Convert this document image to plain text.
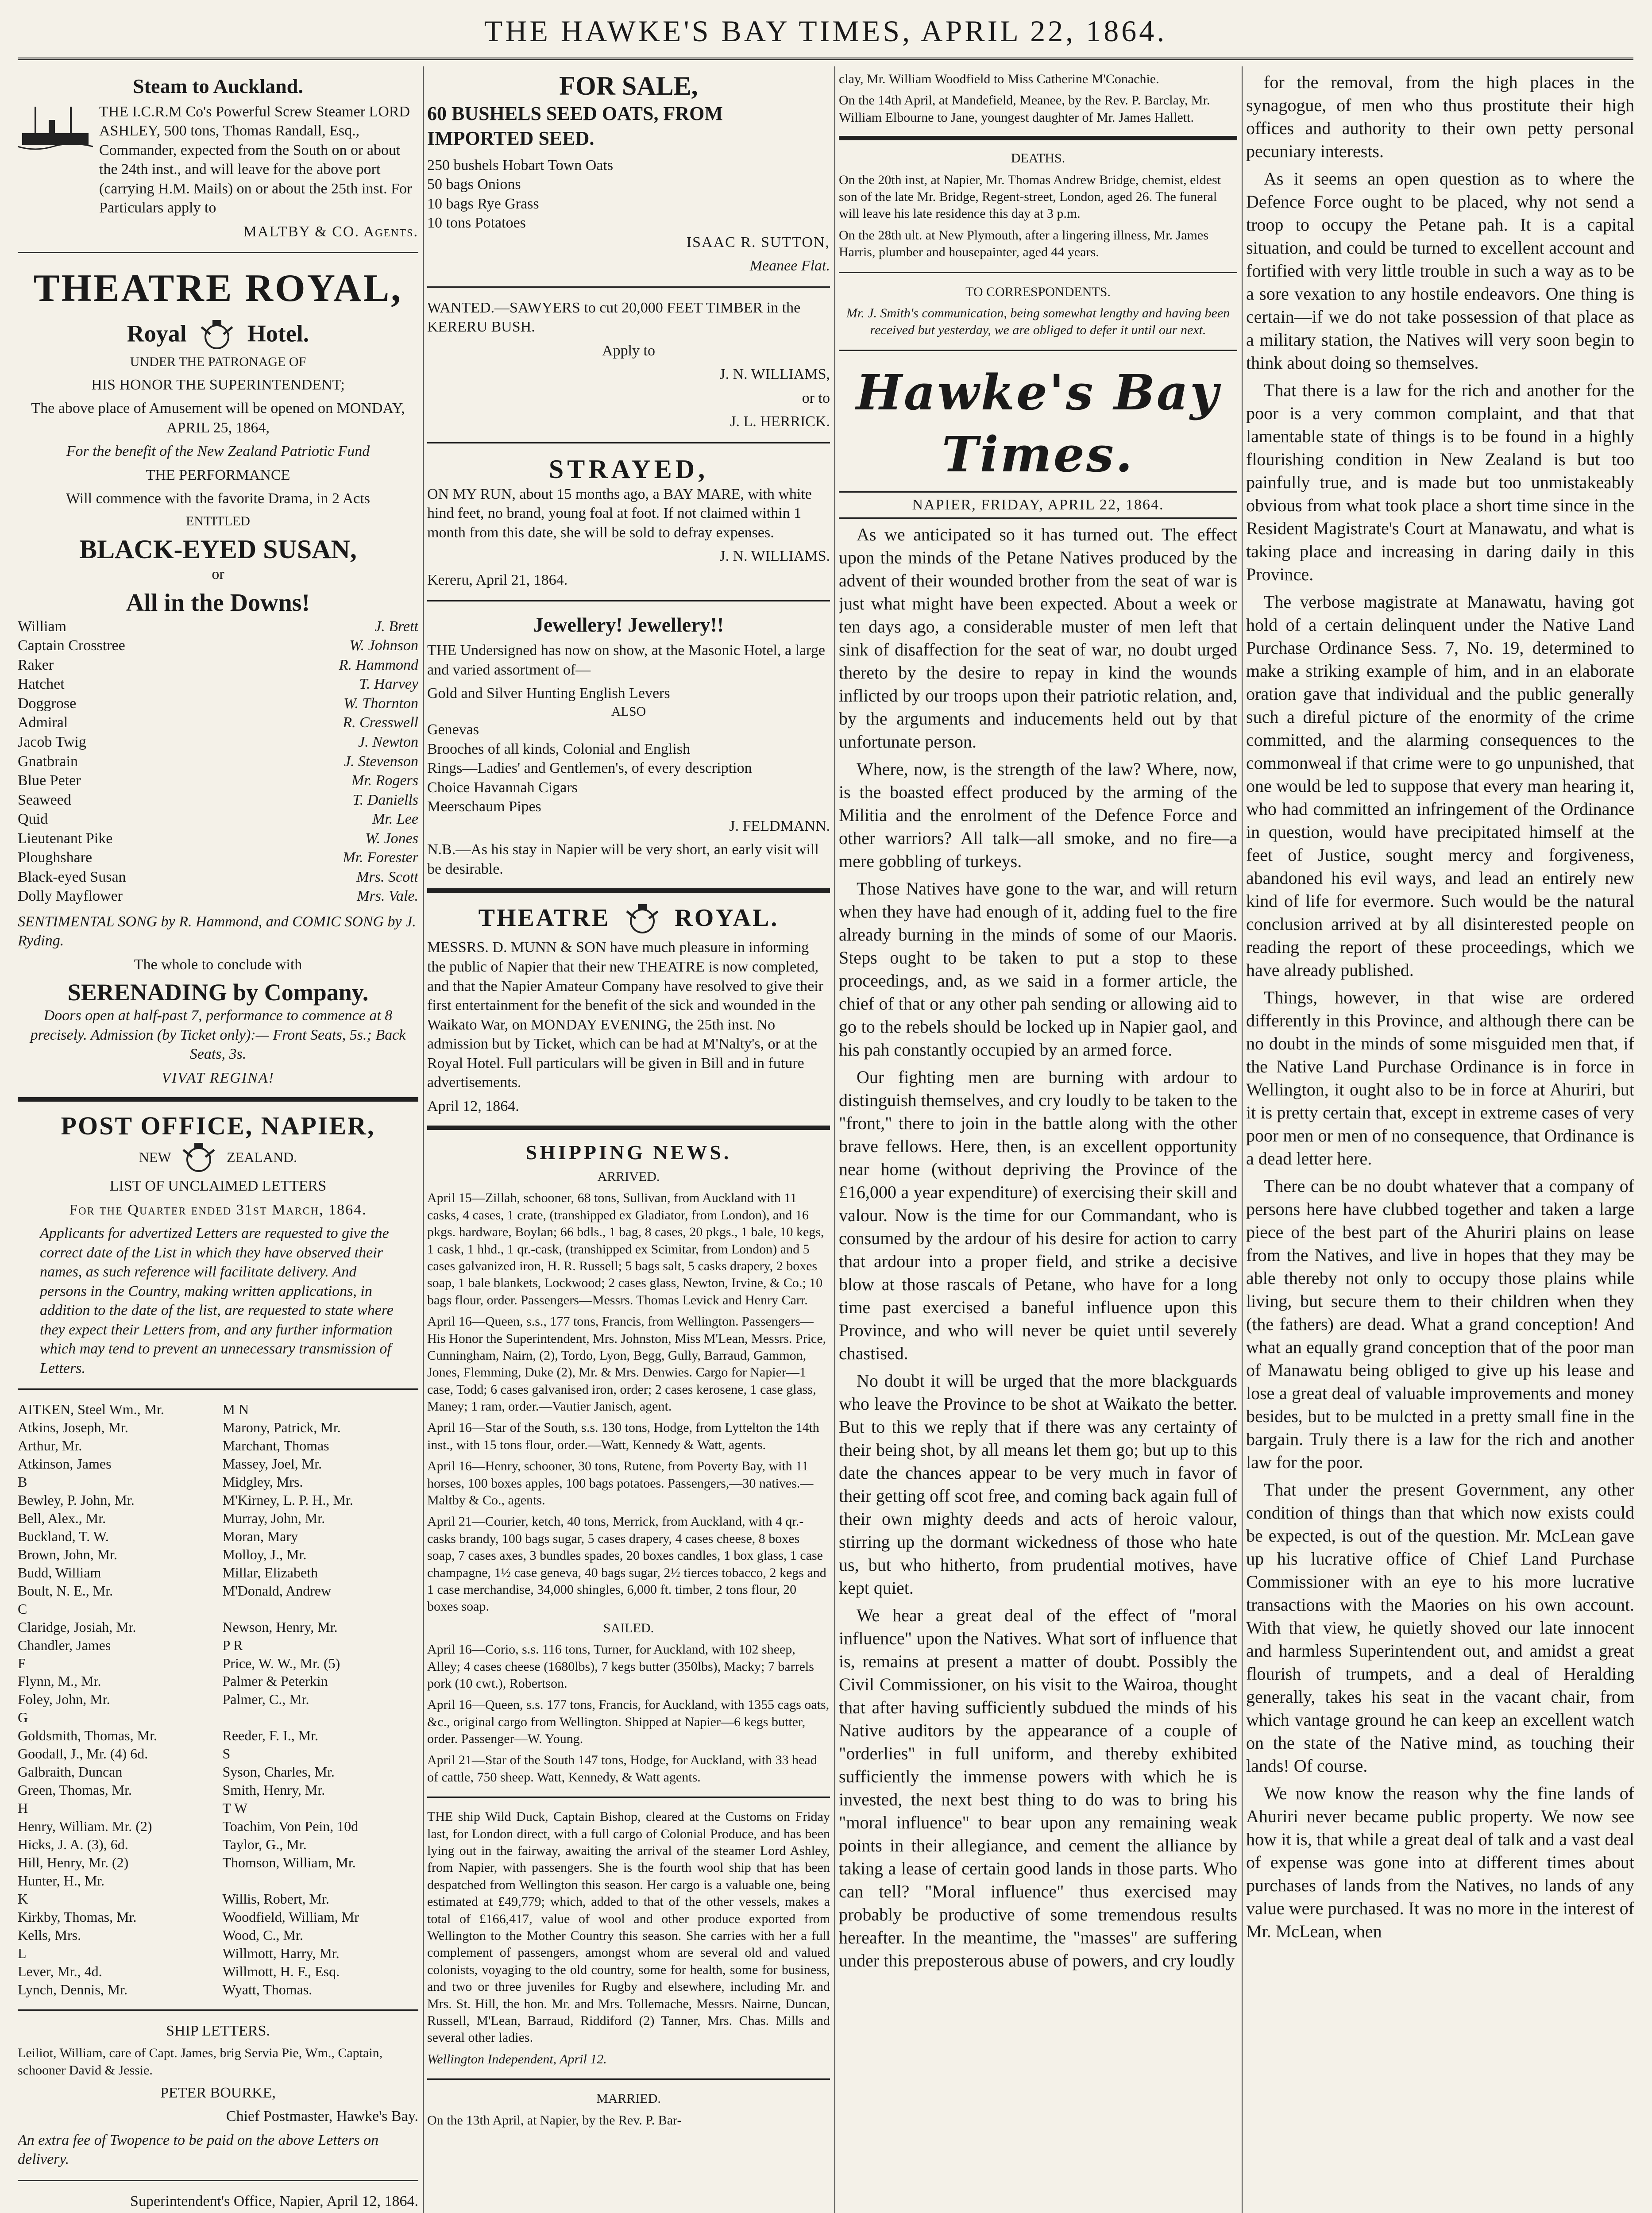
THE HAWKE'S BAY TIMES, APRIL 22, 1864.
Steam to Auckland.

THE I.C.R.M Co's Powerful Screw Steamer LORD ASHLEY, 500 tons, Thomas Randall, Esq., Commander, expected from the South on or about the 24th inst., and will leave for the above port (carrying H.M. Mails) on or about the 25th inst. For Particulars apply to

MALTBY & CO. Agents.

THEATRE ROYAL,
Royal	Hotel.

UNDER THE PATRONAGE OF

HIS HONOR THE SUPERINTENDENT;

The above place of Amusement will be opened on MONDAY, APRIL 25, 1864,

For the benefit of the New Zealand Patriotic Fund

THE PERFORMANCE

Will commence with the favorite Drama, in 2 Acts

ENTITLED

BLACK-EYED SUSAN,

or

All in the Downs!
William	J. Brett
Captain Crosstree	W. Johnson
Raker	R. Hammond
Hatchet	T. Harvey
Doggrose	W. Thornton
Admiral	R. Cresswell
Jacob Twig	J. Newton
Gnatbrain	J. Stevenson
Blue Peter	Mr. Rogers
Seaweed	T. Daniells
Quid	Mr. Lee
Lieutenant Pike	W. Jones
Ploughshare	Mr. Forester
Black-eyed Susan	Mrs. Scott
Dolly Mayflower	Mrs. Vale.

SENTIMENTAL SONG by R. Hammond, and COMIC SONG by J. Ryding.

The whole to conclude with

SERENADING by Company.

Doors open at half-past 7, performance to commence at 8 precisely. Admission (by Ticket only):— Front Seats, 5s.; Back Seats, 3s.

VIVAT REGINA!

POST OFFICE, NAPIER,
NEW	ZEALAND.

LIST OF UNCLAIMED LETTERS

For the Quarter ended 31st March, 1864.

Applicants for advertized Letters are requested to give the correct date of the List in which they have observed their names, as such reference will facilitate delivery. And persons in the Country, making written applications, in addition to the date of the list, are requested to state where they expect their Letters from, and any further information which may tend to prevent an unnecessary transmission of Letters.

AITKEN, Steel Wm., Mr.
Atkins, Joseph, Mr.
Arthur, Mr.
Atkinson, James
B
Bewley, P. John, Mr.
Bell, Alex., Mr.
Buckland, T. W.
Brown, John, Mr.
Budd, William
Boult, N. E., Mr.
C
Claridge, Josiah, Mr.
Chandler, James
F
Flynn, M., Mr.
Foley, John, Mr.
G
Goldsmith, Thomas, Mr.
Goodall, J., Mr. (4) 6d.
Galbraith, Duncan
Green, Thomas, Mr.
H
Henry, William. Mr. (2)
Hicks, J. A. (3), 6d.
Hill, Henry, Mr. (2)
Hunter, H., Mr.
K
Kirkby, Thomas, Mr.
Kells, Mrs.
L
Lever, Mr., 4d.
Lynch, Dennis, Mr.
M N
Marony, Patrick, Mr.
Marchant, Thomas
Massey, Joel, Mr.
Midgley, Mrs.
M'Kirney, L. P. H., Mr.
Murray, John, Mr.
Moran, Mary
Molloy, J., Mr.
Millar, Elizabeth
M'Donald, Andrew

Newson, Henry, Mr.
P R
Price, W. W., Mr. (5)
Palmer & Peterkin
Palmer, C., Mr.

Reeder, F. I., Mr.
S
Syson, Charles, Mr.
Smith, Henry, Mr.
T W
Toachim, Von Pein, 10d
Taylor, G., Mr.
Thomson, William, Mr.

Willis, Robert, Mr.
Woodfield, William, Mr
Wood, C., Mr.
Willmott, Harry, Mr.
Willmott, H. F., Esq.
Wyatt, Thomas.

SHIP LETTERS.

Leiliot, William, care of Capt. James, brig Servia Pie, Wm., Captain, schooner David & Jessie.

PETER BOURKE,

Chief Postmaster, Hawke's Bay.

An extra fee of Twopence to be paid on the above Letters on delivery.

Superintendent's Office, Napier, April 12, 1864.

FOR SALE,

60 BUSHELS SEED OATS, FROM IMPORTED SEED.

250 bushels Hobart Town Oats
50 bags Onions
10 bags Rye Grass
10 tons Potatoes

ISAAC R. SUTTON,

Meanee Flat.

WANTED.—SAWYERS to cut 20,000 FEET TIMBER in the KERERU BUSH.

Apply to

J. N. WILLIAMS,

or to

J. L. HERRICK.

STRAYED,

ON MY RUN, about 15 months ago, a BAY MARE, with white hind feet, no brand, young foal at foot. If not claimed within 1 month from this date, she will be sold to defray expenses.

J. N. WILLIAMS.

Kereru, April 21, 1864.

Jewellery! Jewellery!!

THE Undersigned has now on show, at the Masonic Hotel, a large and varied assortment of—

Gold and Silver Hunting English Levers
ALSO
Genevas
Brooches of all kinds, Colonial and English
Rings—Ladies' and Gentlemen's, of every description
Choice Havannah Cigars
Meerschaum Pipes

J. FELDMANN.

N.B.—As his stay in Napier will be very short, an early visit will be desirable.

THEATRE	ROYAL.

MESSRS. D. MUNN & SON have much pleasure in informing the public of Napier that their new THEATRE is now completed, and that the Napier Amateur Company have resolved to give their first entertainment for the benefit of the sick and wounded in the Waikato War, on MONDAY EVENING, the 25th inst. No admission but by Ticket, which can be had at M'Nalty's, or at the Royal Hotel. Full particulars will be given in Bill and in future advertisements.

April 12, 1864.

SHIPPING NEWS.

ARRIVED.

April 15—Zillah, schooner, 68 tons, Sullivan, from Auckland with 11 casks, 4 cases, 1 crate, (transhipped ex Gladiator, from London), and 16 pkgs. hardware, Boylan; 66 bdls., 1 bag, 8 cases, 20 pkgs., 1 bale, 10 kegs, 1 cask, 1 hhd., 1 qr.-cask, (transhipped ex Scimitar, from London) and 5 cases galvanized iron, H. R. Russell; 5 bags salt, 5 casks drapery, 2 boxes soap, 1 bale blankets, Lockwood; 2 cases glass, Newton, Irvine, & Co.; 10 bags flour, order. Passengers—Messrs. Thomas Levick and Henry Carr.

April 16—Queen, s.s., 177 tons, Francis, from Wellington. Passengers—His Honor the Superintendent, Mrs. Johnston, Miss M'Lean, Messrs. Price, Cunningham, Nairn, (2), Tordo, Lyon, Begg, Gully, Barraud, Gammon, Jones, Flemming, Duke (2), Mr. & Mrs. Denwies. Cargo for Napier—1 case, Todd; 6 cases galvanised iron, order; 2 cases kerosene, 1 case glass, Maney; 1 ram, order.—Vautier Janisch, agent.

April 16—Star of the South, s.s. 130 tons, Hodge, from Lyttelton the 14th inst., with 15 tons flour, order.—Watt, Kennedy & Watt, agents.

April 16—Henry, schooner, 30 tons, Rutene, from Poverty Bay, with 11 horses, 100 boxes apples, 100 bags potatoes. Passengers,—30 natives.—Maltby & Co., agents.

April 21—Courier, ketch, 40 tons, Merrick, from Auckland, with 4 qr.-casks brandy, 100 bags sugar, 5 cases drapery, 4 cases cheese, 8 boxes soap, 7 cases axes, 3 bundles spades, 20 boxes candles, 1 box glass, 1 case champagne, 1½ case geneva, 40 bags sugar, 2½ tierces tobacco, 2 kegs and 1 case merchandise, 34,000 shingles, 6,000 ft. timber, 2 tons flour, 20 boxes soap.

SAILED.

April 16—Corio, s.s. 116 tons, Turner, for Auckland, with 102 sheep, Alley; 4 cases cheese (1680lbs), 7 kegs butter (350lbs), Macky; 7 barrels pork (10 cwt.), Robertson.

April 16—Queen, s.s. 177 tons, Francis, for Auckland, with 1355 cags oats, &c., original cargo from Wellington. Shipped at Napier—6 kegs butter, order. Passenger—W. Young.

April 21—Star of the South 147 tons, Hodge, for Auckland, with 33 head of cattle, 750 sheep. Watt, Kennedy, & Watt agents.

THE ship Wild Duck, Captain Bishop, cleared at the Customs on Friday last, for London direct, with a full cargo of Colonial Produce, and has been lying out in the fairway, awaiting the arrival of the steamer Lord Ashley, from Napier, with passengers. She is the fourth wool ship that has been despatched from Wellington this season. Her cargo is a valuable one, being estimated at £49,779; which, added to that of the other vessels, makes a total of £166,417, value of wool and other produce exported from Wellington to the Mother Country this season. She carries with her a full complement of passengers, amongst whom are several old and valued colonists, voyaging to the old country, some for health, some for business, and two or three juveniles for Rugby and elsewhere, including Mr. and Mrs. St. Hill, the hon. Mr. and Mrs. Tollemache, Messrs. Nairne, Duncan, Russell, M'Lean, Barraud, Riddiford (2) Tanner, Mrs. Chas. Mills and several other ladies.

Wellington Independent, April 12.

MARRIED.

On the 13th April, at Napier, by the Rev. P. Bar-

clay, Mr. William Woodfield to Miss Catherine M'Conachie.

On the 14th April, at Mandefield, Meanee, by the Rev. P. Barclay, Mr. William Elbourne to Jane, youngest daughter of Mr. James Hallett.

DEATHS.

On the 20th inst, at Napier, Mr. Thomas Andrew Bridge, chemist, eldest son of the late Mr. Bridge, Regent-street, London, aged 26. The funeral will leave his late residence this day at 3 p.m.

On the 28th ult. at New Plymouth, after a lingering illness, Mr. James Harris, plumber and housepainter, aged 44 years.

TO CORRESPONDENTS.

Mr. J. Smith's communication, being somewhat lengthy and having been received but yesterday, we are obliged to defer it until our next.

Hawke's Bay Times.

NAPIER, FRIDAY, APRIL 22, 1864.

As we anticipated so it has turned out. The effect upon the minds of the Petane Natives produced by the advent of their wounded brother from the seat of war is just what might have been expected. About a week or ten days ago, a considerable muster of men left that sink of disaffection for the seat of war, no doubt urged thereto by the desire to repay in kind the wounds inflicted by our troops upon their patriotic relation, and, by the arguments and inducements held out by that unfortunate person.

Where, now, is the strength of the law? Where, now, is the boasted effect produced by the arming of the Militia and the enrolment of the Defence Force and other warriors? All talk—all smoke, and no fire—a mere gobbling of turkeys.

Those Natives have gone to the war, and will return when they have had enough of it, adding fuel to the fire already burning in the minds of some of our Maoris. Steps ought to be taken to put a stop to these proceedings, and, as we said in a former article, the chief of that or any other pah sending or allowing aid to go to the rebels should be locked up in Napier gaol, and his pah constantly occupied by an armed force.

Our fighting men are burning with ardour to distinguish themselves, and cry loudly to be taken to the "front," there to join in the battle along with the other brave fellows. Here, then, is an excellent opportunity near home (without depriving the Province of the £16,000 a year expenditure) of exercising their skill and valour. Now is the time for our Commandant, who is consumed by the ardour of his desire for action to carry that ardour into a proper field, and strike a decisive blow at those rascals of Petane, who have for a long time past exercised a baneful influence upon this Province, and who will never be quiet until severely chastised.

No doubt it will be urged that the more blackguards who leave the Province to be shot at Waikato the better. But to this we reply that if there was any certainty of their being shot, by all means let them go; but up to this date the chances appear to be very much in favor of their getting off scot free, and coming back again full of their own mighty deeds and acts of heroic valour, stirring up the dormant wickedness of those who hate us, but who hitherto, from prudential motives, have kept quiet.

We hear a great deal of the effect of "moral influence" upon the Natives. What sort of influence that is, remains at present a matter of doubt. Possibly the Civil Commissioner, on his visit to the Wairoa, thought that after having sufficiently subdued the minds of his Native auditors by the appearance of a couple of "orderlies" in full uniform, and thereby exhibited sufficiently the immense powers with which he is invested, the next best thing to do was to bring his "moral influence" to bear upon any remaining weak points in their allegiance, and cement the alliance by taking a lease of certain good lands in those parts. Who can tell? "Moral influence" thus exercised may probably be productive of some tremendous results hereafter. In the meantime, the "masses" are suffering under this preposterous abuse of powers, and cry loudly

for the removal, from the high places in the synagogue, of men who thus prostitute their high offices and authority to their own petty personal pecuniary interests.

As it seems an open question as to where the Defence Force ought to be placed, why not send a troop to occupy the Petane pah. It is a capital situation, and could be turned to excellent account and fortified with very little trouble in such a way as to be a sore vexation to any hostile endeavors. One thing is certain—if we do not take possession of that place as a military station, the Natives will very soon begin to think about doing so themselves.

That there is a law for the rich and another for the poor is a very common complaint, and that that lamentable state of things is to be found in a highly flourishing condition in New Zealand is but too painfully true, and is made but too unmistakeably obvious from what took place a short time since in the Resident Magistrate's Court at Manawatu, and what is taking place and increasing in daring daily in this Province.

The verbose magistrate at Manawatu, having got hold of a certain delinquent under the Native Land Purchase Ordinance Sess. 7, No. 19, determined to make a striking example of him, and in an elaborate oration gave that individual and the public generally such a direful picture of the enormity of the crime committed, and the alarming consequences to the commonweal if that crime were to go unpunished, that one would be led to suppose that every man hearing it, who had committed an infringement of the Ordinance in question, would have precipitated himself at the feet of Justice, sought mercy and forgiveness, abandoned his evil ways, and lead an entirely new kind of life for evermore. Such would be the natural conclusion arrived at by all disinterested people on reading the report of these proceedings, which we have already published.

Things, however, in that wise are ordered differently in this Province, and although there can be no doubt in the minds of some misguided men that, if the Native Land Purchase Ordinance is in force in Wellington, it ought also to be in force at Ahuriri, but it is pretty certain that, except in extreme cases of very poor men or men of no consequence, that Ordinance is a dead letter here.

There can be no doubt whatever that a company of persons here have clubbed together and taken a large piece of the best part of the Ahuriri plains on lease from the Natives, and live in hopes that they may be able thereby not only to occupy those plains while living, but secure them to their children when they (the fathers) are dead. What a grand conception! And what an equally grand conception that of the poor man of Manawatu being obliged to give up his lease and lose a great deal of valuable improvements and money besides, but to be mulcted in a pretty small fine in the bargain. Truly there is a law for the rich and another law for the poor.

That under the present Government, any other condition of things than that which now exists could be expected, is out of the question. Mr. McLean gave up his lucrative office of Chief Land Purchase Commissioner with an eye to his more lucrative transactions with the Maories on his own account. With that view, he quietly shoved our late innocent and harmless Superintendent out, and amidst a great flourish of trumpets, and a deal of Heralding generally, takes his seat in the vacant chair, from which vantage ground he can keep an excellent watch on the state of the Native mind, as touching their lands! Of course.

We now know the reason why the fine lands of Ahuriri never became public property. We now see how it is, that while a great deal of talk and a vast deal of expense was gone into at different times about purchases of lands from the Natives, no lands of any value were purchased. It was no more in the interest of Mr. McLean, when
